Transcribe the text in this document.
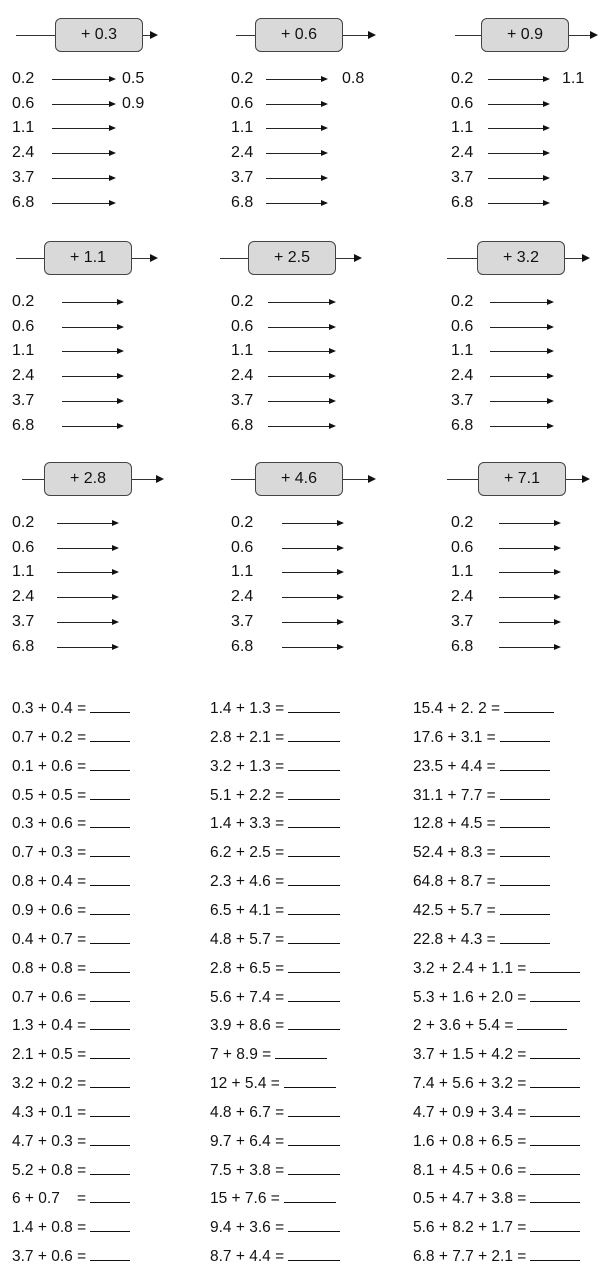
+ 0.3
0.2	0.5
0.6	0.9
1.1
2.4
3.7
6.8
+ 0.6
0.2	0.8
0.6
1.1
2.4
3.7
6.8
+ 0.9
0.2	1.1
0.6
1.1
2.4
3.7
6.8
+ 1.1
0.2
0.6
1.1
2.4
3.7
6.8
+ 2.5
0.2
0.6
1.1
2.4
3.7
6.8
+ 3.2
0.2
0.6
1.1
2.4
3.7
6.8
+ 2.8
0.2
0.6
1.1
2.4
3.7
6.8
+ 4.6
0.2
0.6
1.1
2.4
3.7
6.8
+ 7.1
0.2
0.6
1.1
2.4
3.7
6.8
0.3 + 0.4 =
0.7 + 0.2 =
0.1 + 0.6 =
0.5 + 0.5 =
0.3 + 0.6 =
0.7 + 0.3 =
0.8 + 0.4 =
0.9 + 0.6 =
0.4 + 0.7 =
0.8 + 0.8 =
0.7 + 0.6 =
1.3 + 0.4 =
2.1 + 0.5 =
3.2 + 0.2 =
4.3 + 0.1 =
4.7 + 0.3 =
5.2 + 0.8 =
6 + 0.7    =
1.4 + 0.8 =
3.7 + 0.6 =
1.4 + 1.3 =
2.8 + 2.1 =
3.2 + 1.3 =
5.1 + 2.2 =
1.4 + 3.3 =
6.2 + 2.5 =
2.3 + 4.6 =
6.5 + 4.1 =
4.8 + 5.7 =
2.8 + 6.5 =
5.6 + 7.4 =
3.9 + 8.6 =
7 + 8.9 =
12 + 5.4 =
4.8 + 6.7 =
9.7 + 6.4 =
7.5 + 3.8 =
15 + 7.6 =
9.4 + 3.6 =
8.7 + 4.4 =
15.4 + 2. 2 =
17.6 + 3.1 =
23.5 + 4.4 =
31.1 + 7.7 =
12.8 + 4.5 =
52.4 + 8.3 =
64.8 + 8.7 =
42.5 + 5.7 =
22.8 + 4.3 =
3.2 + 2.4 + 1.1 =
5.3 + 1.6 + 2.0 =
2 + 3.6 + 5.4 =
3.7 + 1.5 + 4.2 =
7.4 + 5.6 + 3.2 =
4.7 + 0.9 + 3.4 =
1.6 + 0.8 + 6.5 =
8.1 + 4.5 + 0.6 =
0.5 + 4.7 + 3.8 =
5.6 + 8.2 + 1.7 =
6.8 + 7.7 + 2.1 =
